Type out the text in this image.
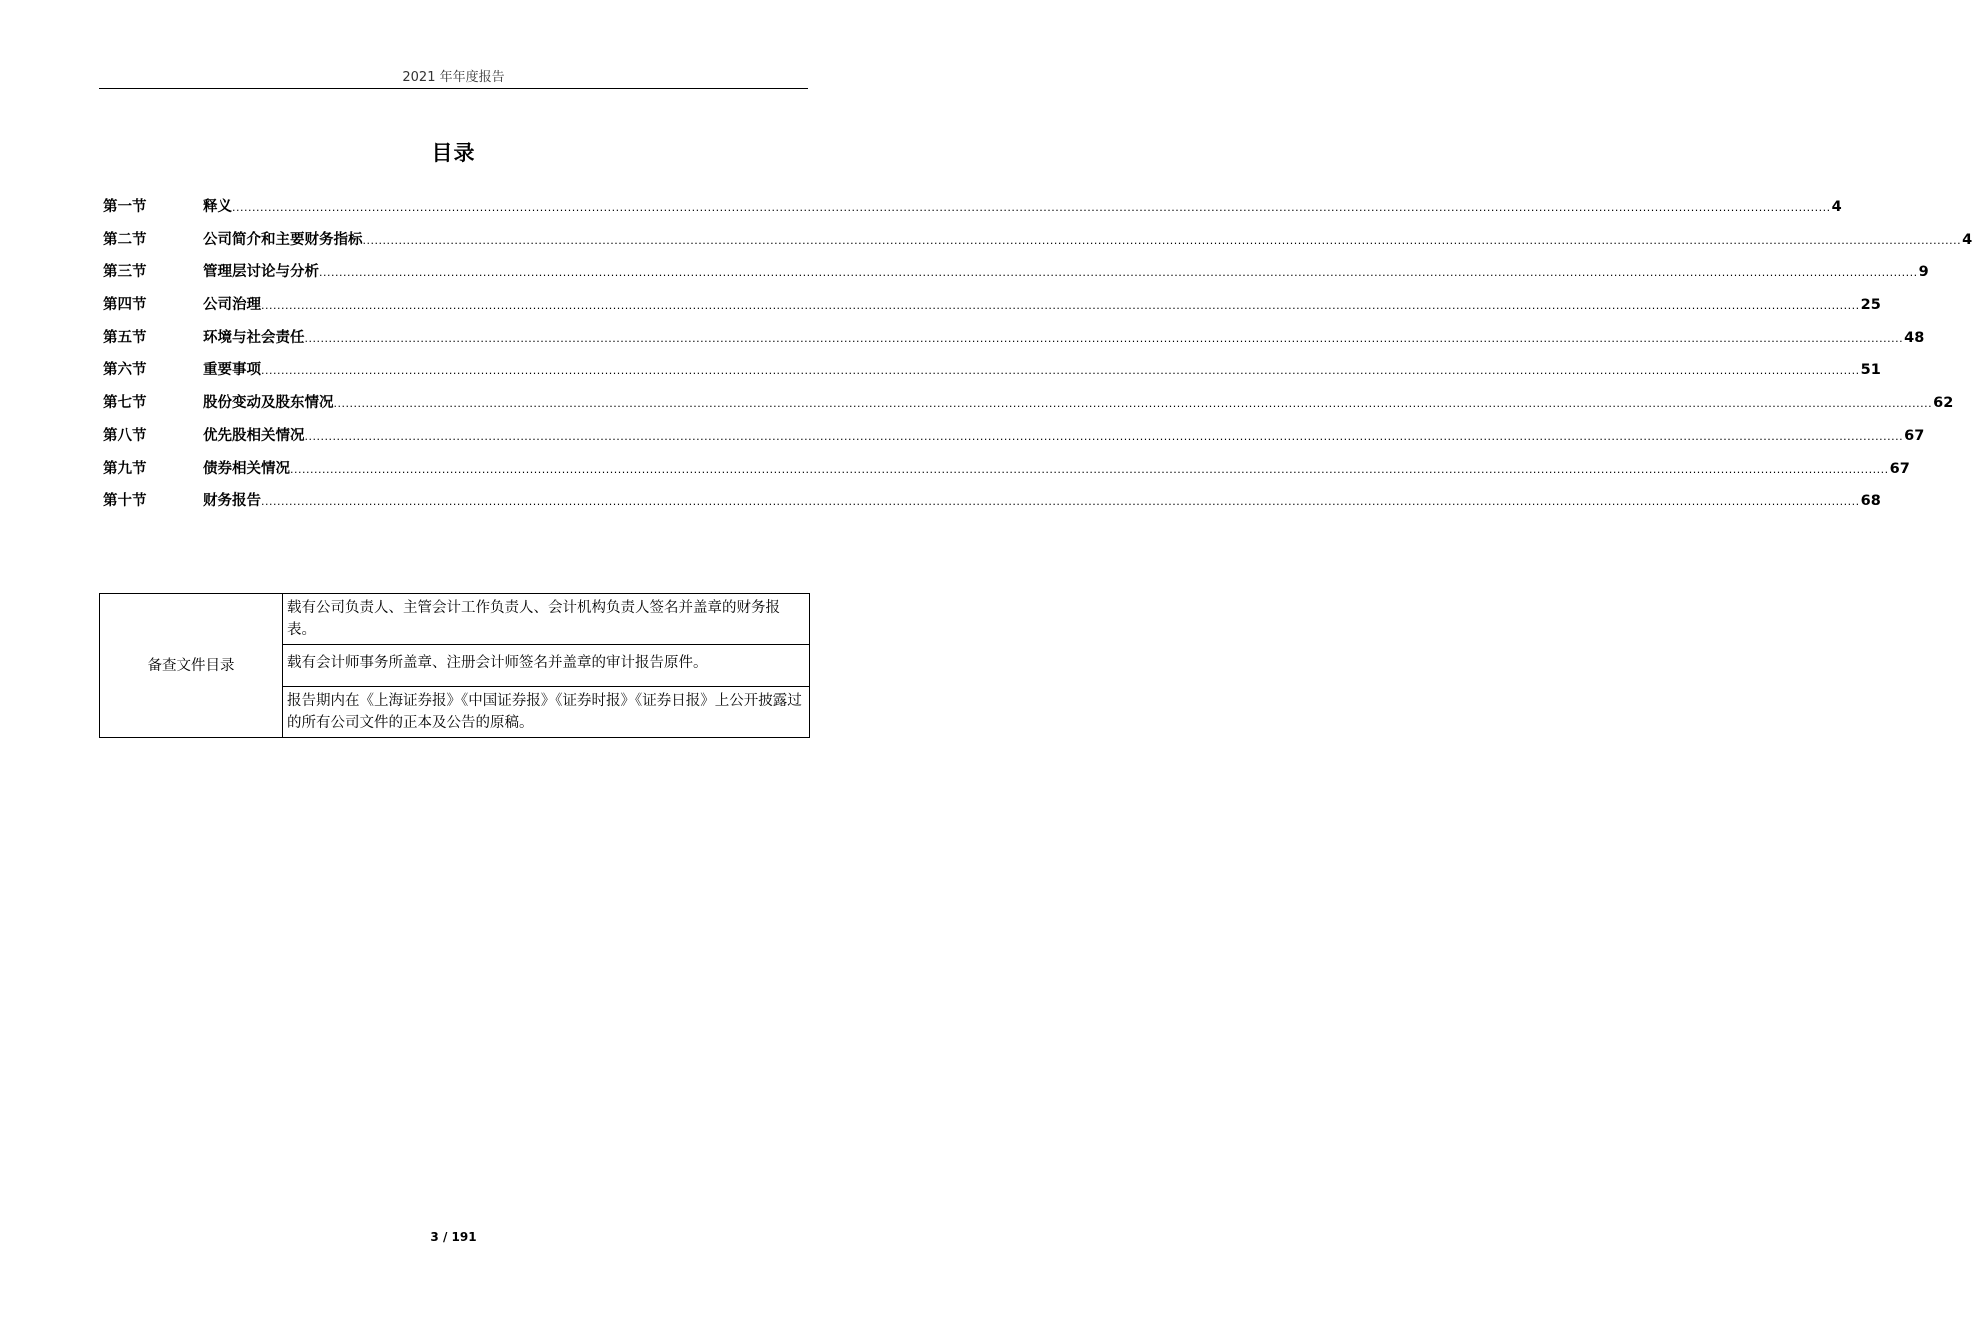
2021 年年度报告
目录
第一节	释义 ................................................................................................................................................................................................................................................................................................................................................................................................................ 4
第二节	公司简介和主要财务指标 ................................................................................................................................................................................................................................................................................................................................................................................................................ 4
第三节	管理层讨论与分析 ................................................................................................................................................................................................................................................................................................................................................................................................................ 9
第四节	公司治理 ................................................................................................................................................................................................................................................................................................................................................................................................................ 25
第五节	环境与社会责任 ................................................................................................................................................................................................................................................................................................................................................................................................................ 48
第六节	重要事项 ................................................................................................................................................................................................................................................................................................................................................................................................................ 51
第七节	股份变动及股东情况 ................................................................................................................................................................................................................................................................................................................................................................................................................ 62
第八节	优先股相关情况 ................................................................................................................................................................................................................................................................................................................................................................................................................ 67
第九节	债券相关情况 ................................................................................................................................................................................................................................................................................................................................................................................................................ 67
第十节	财务报告 ................................................................................................................................................................................................................................................................................................................................................................................................................ 68
备查文件目录	载有公司负责人、主管会计工作负责人、会计机构负责人签名并盖章的财务报表。
载有会计师事务所盖章、注册会计师签名并盖章的审计报告原件。
报告期内在《上海证券报》《中国证券报》《证券时报》《证券日报》上公开披露过的所有公司文件的正本及公告的原稿。
3 / 191
